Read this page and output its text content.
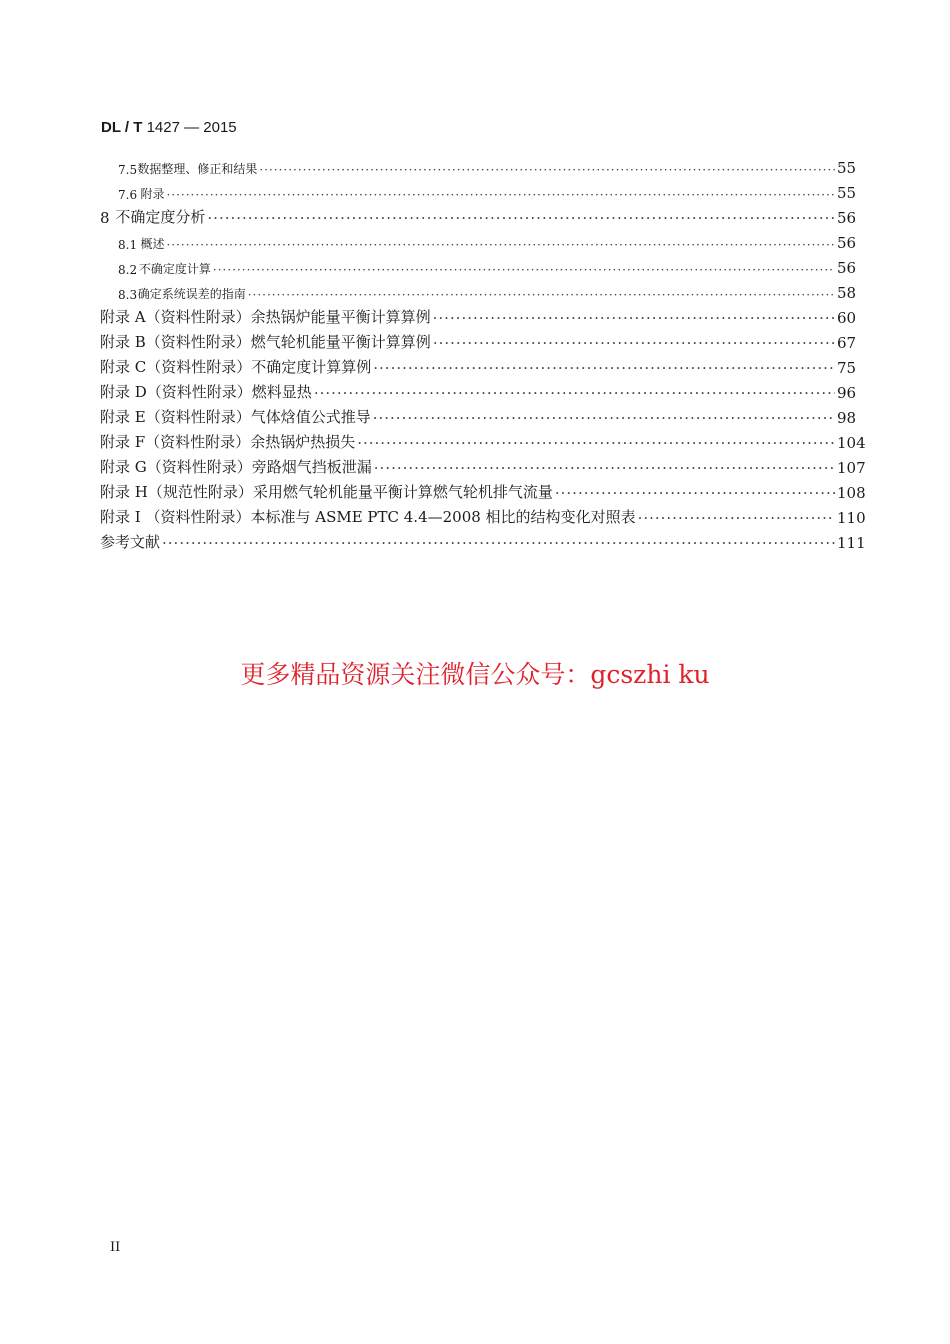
DL / T 1427 — 2015
7.5 数据整理、修正和结果 ·····	55
7.6 附录 ·····	55
8 不确定度分析 ·····	56
8.1 概述 ·····	56
8.2 不确定度计算 ·····	56
8.3 确定系统误差的指南 ·····	58
附录 A（资料性附录） 余热锅炉能量平衡计算算例 ·····	60
附录 B（资料性附录） 燃气轮机能量平衡计算算例 ·····	67
附录 C（资料性附录） 不确定度计算算例 ·····	75
附录 D（资料性附录） 燃料显热 ·····	96
附录 E（资料性附录） 气体焓值公式推导 ·····	98
附录 F（资料性附录） 余热锅炉热损失 ·····	104
附录 G（资料性附录） 旁路烟气挡板泄漏 ·····	107
附录 H（规范性附录） 采用燃气轮机能量平衡计算燃气轮机排气流量 ·····	108
附录 I （资料性附录） 本标准与 ASME PTC 4.4—2008 相比的结构变化对照表 ·····	110
参考文献 ·····	111
更多精品资源关注微信公众号：gcszhi ku
II
